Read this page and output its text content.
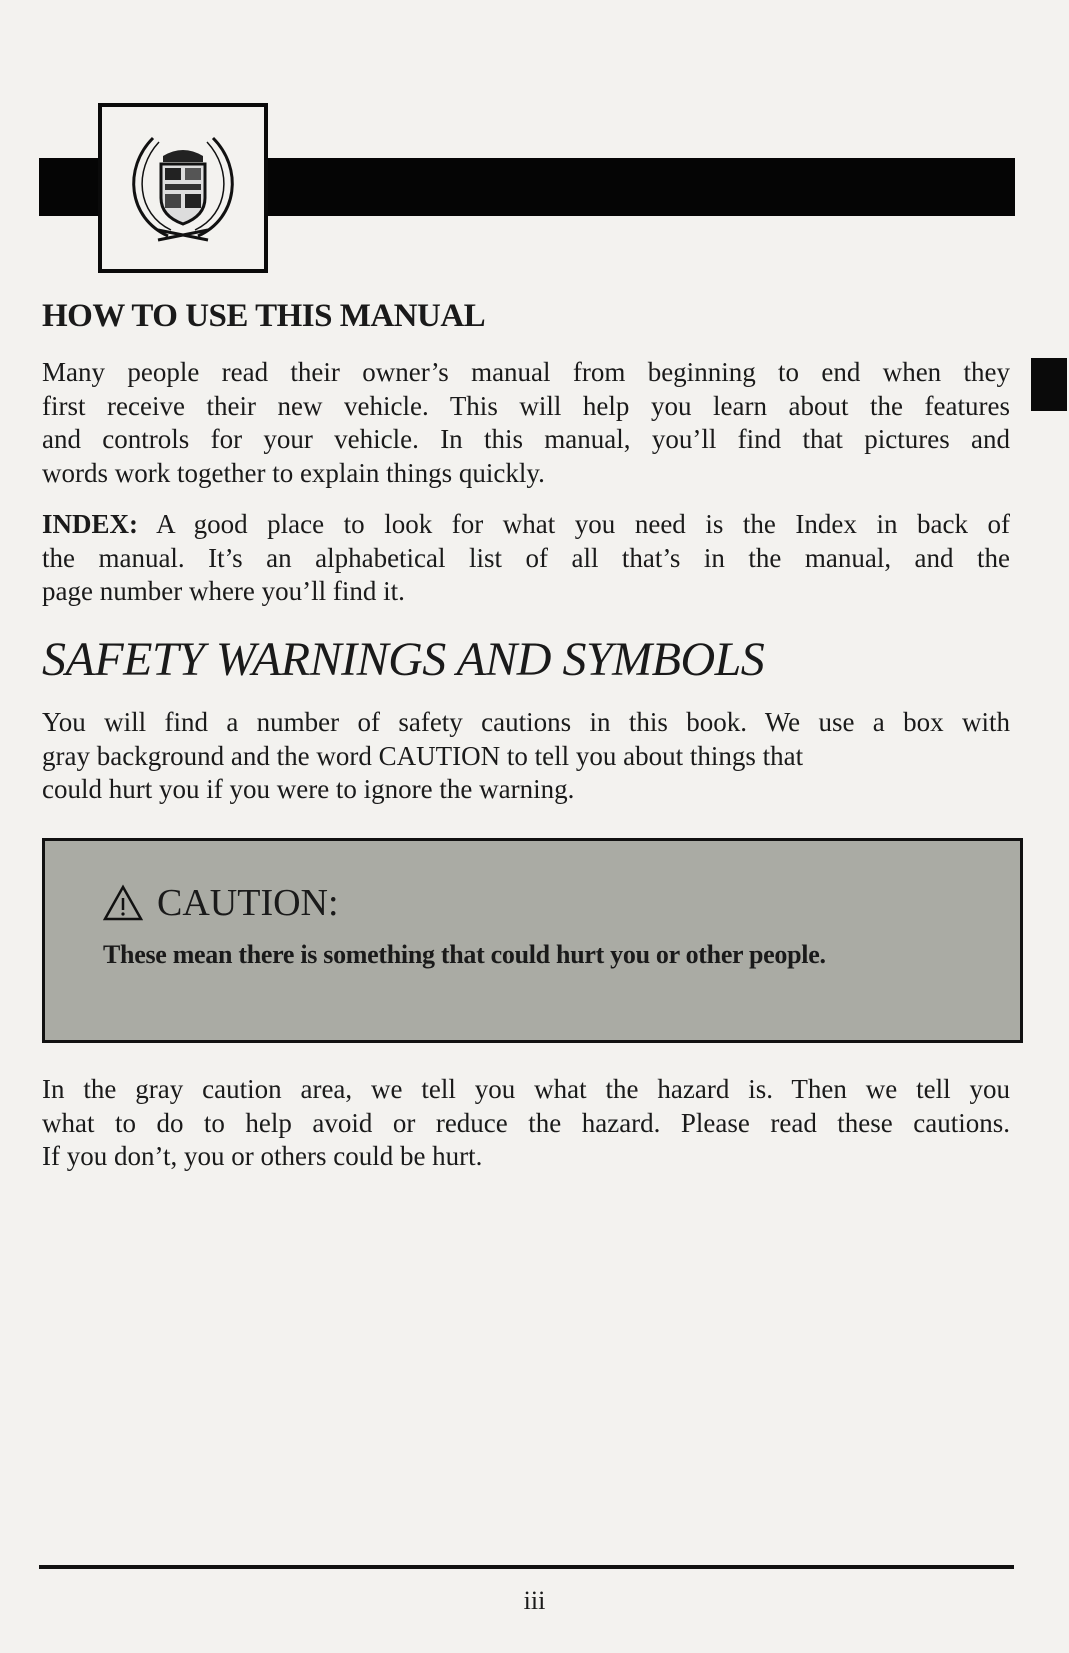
HOW TO USE THIS MANUAL
Many people read their owner’s manual from beginning to end when they
first receive their new vehicle. This will help you learn about the features
and controls for your vehicle. In this manual, you’ll find that pictures and
words work together to explain things quickly.
INDEX: A good place to look for what you need is the Index in back of
the manual. It’s an alphabetical list of all that’s in the manual, and the
page number where you’ll find it.
SAFETY WARNINGS AND SYMBOLS
You will find a number of safety cautions in this book. We use a box with
gray background and the word CAUTION to tell you about things that
could hurt you if you were to ignore the warning.
CAUTION:
These mean there is something that could hurt you or other people.
In the gray caution area, we tell you what the hazard is. Then we tell you
what to do to help avoid or reduce the hazard. Please read these cautions.
If you don’t, you or others could be hurt.
iii
